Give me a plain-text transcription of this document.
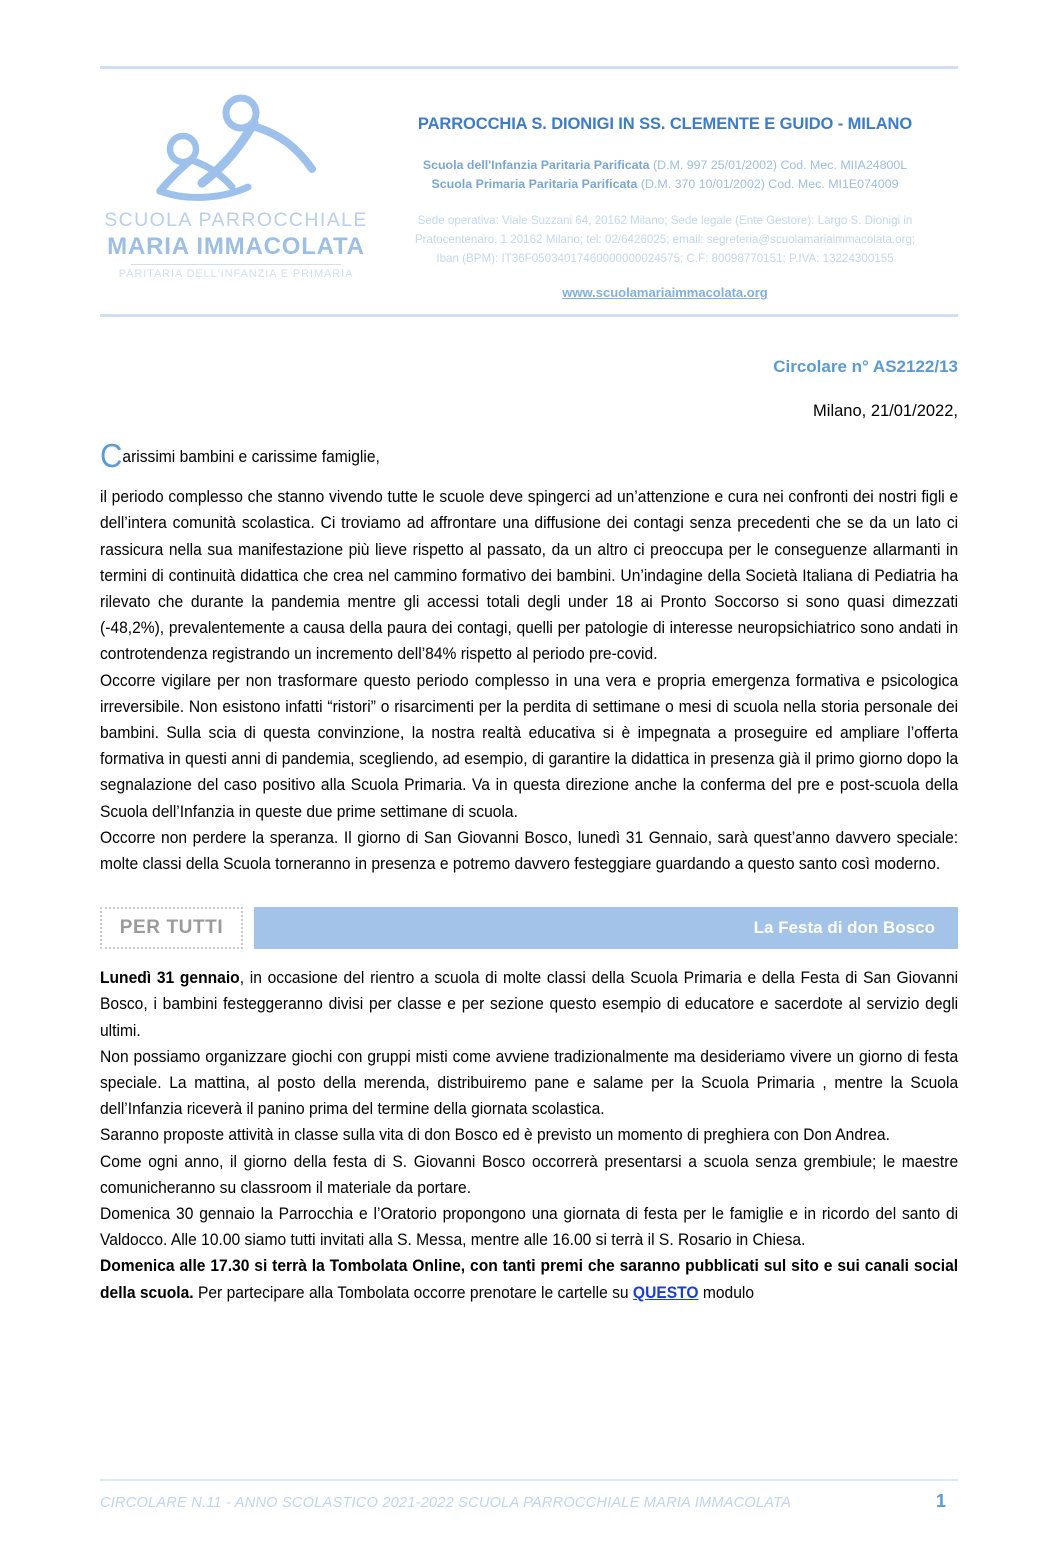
SCUOLA PARROCCHIALE
MARIA IMMACOLATA
PARITARIA DELL'INFANZIA E PRIMARIA
PARROCCHIA S. DIONIGI IN SS. CLEMENTE E GUIDO - MILANO
Scuola dell'Infanzia Paritaria Parificata (D.M. 997 25/01/2002) Cod. Mec. MIIA24800L
Scuola Primaria Paritaria Parificata (D.M. 370 10/01/2002) Cod. Mec. MI1E074009
Sede operativa: Viale Suzzani 64, 20162 Milano; Sede legale (Ente Gestore): Largo S. Dionigi in
Pratocentenaro, 1 20162 Milano; tel: 02/6426025; email: segreteria@scuolamariaimmacolata.org;
Iban (BPM): IT36F05034017460000000024575; C.F: 80098770151; P.IVA: 13224300155
www.scuolamariaimmacolata.org
Circolare n° AS2122/13
Milano, 21/01/2022,

Carissimi bambini e carissime famiglie,

il periodo complesso che stanno vivendo tutte le scuole deve spingerci ad un’attenzione e cura nei confronti dei nostri figli e dell’intera comunità scolastica. Ci troviamo ad affrontare una diffusione dei contagi senza precedenti che se da un lato ci rassicura nella sua manifestazione più lieve rispetto al passato, da un altro ci preoccupa per le conseguenze allarmanti in termini di continuità didattica che crea nel cammino formativo dei bambini. Un’indagine della Società Italiana di Pediatria ha rilevato che durante la pandemia mentre gli accessi totali degli under 18 ai Pronto Soccorso si sono quasi dimezzati (-48,2%), prevalentemente a causa della paura dei contagi, quelli per patologie di interesse neuropsichiatrico sono andati in controtendenza registrando un incremento dell’84% rispetto al periodo pre-covid.

Occorre vigilare per non trasformare questo periodo complesso in una vera e propria emergenza formativa e psicologica irreversibile. Non esistono infatti “ristori” o risarcimenti per la perdita di settimane o mesi di scuola nella storia personale dei bambini. Sulla scia di questa convinzione, la nostra realtà educativa si è impegnata a proseguire ed ampliare l’offerta formativa in questi anni di pandemia, scegliendo, ad esempio, di garantire la didattica in presenza già il primo giorno dopo la segnalazione del caso positivo alla Scuola Primaria. Va in questa direzione anche la conferma del pre e post-scuola della Scuola dell’Infanzia in queste due prime settimane di scuola.

Occorre non perdere la speranza. Il giorno di San Giovanni Bosco, lunedì 31 Gennaio, sarà quest’anno davvero speciale: molte classi della Scuola torneranno in presenza e potremo davvero festeggiare guardando a questo santo così moderno.

PER TUTTI	La Festa di don Bosco

Lunedì 31 gennaio, in occasione del rientro a scuola di molte classi della Scuola Primaria e della Festa di San Giovanni Bosco, i bambini festeggeranno divisi per classe e per sezione questo esempio di educatore e sacerdote al servizio degli ultimi.

Non possiamo organizzare giochi con gruppi misti come avviene tradizionalmente ma desideriamo vivere un giorno di festa speciale. La mattina, al posto della merenda, distribuiremo pane e salame per la Scuola Primaria , mentre la Scuola dell’Infanzia riceverà il panino prima del termine della giornata scolastica.

Saranno proposte attività in classe sulla vita di don Bosco ed è previsto un momento di preghiera con Don Andrea.

Come ogni anno, il giorno della festa di S. Giovanni Bosco occorrerà presentarsi a scuola senza grembiule; le maestre comunicheranno su classroom il materiale da portare.

Domenica 30 gennaio la Parrocchia e l’Oratorio propongono una giornata di festa per le famiglie e in ricordo del santo di Valdocco. Alle 10.00 siamo tutti invitati alla S. Messa, mentre alle 16.00 si terrà il S. Rosario in Chiesa.

Domenica alle 17.30 si terrà la Tombolata Online, con tanti premi che saranno pubblicati sul sito e sui canali social della scuola. Per partecipare alla Tombolata occorre prenotare le cartelle su QUESTO modulo

CIRCOLARE N.11 - ANNO SCOLASTICO 2021-2022 SCUOLA PARROCCHIALE MARIA IMMACOLATA	1
